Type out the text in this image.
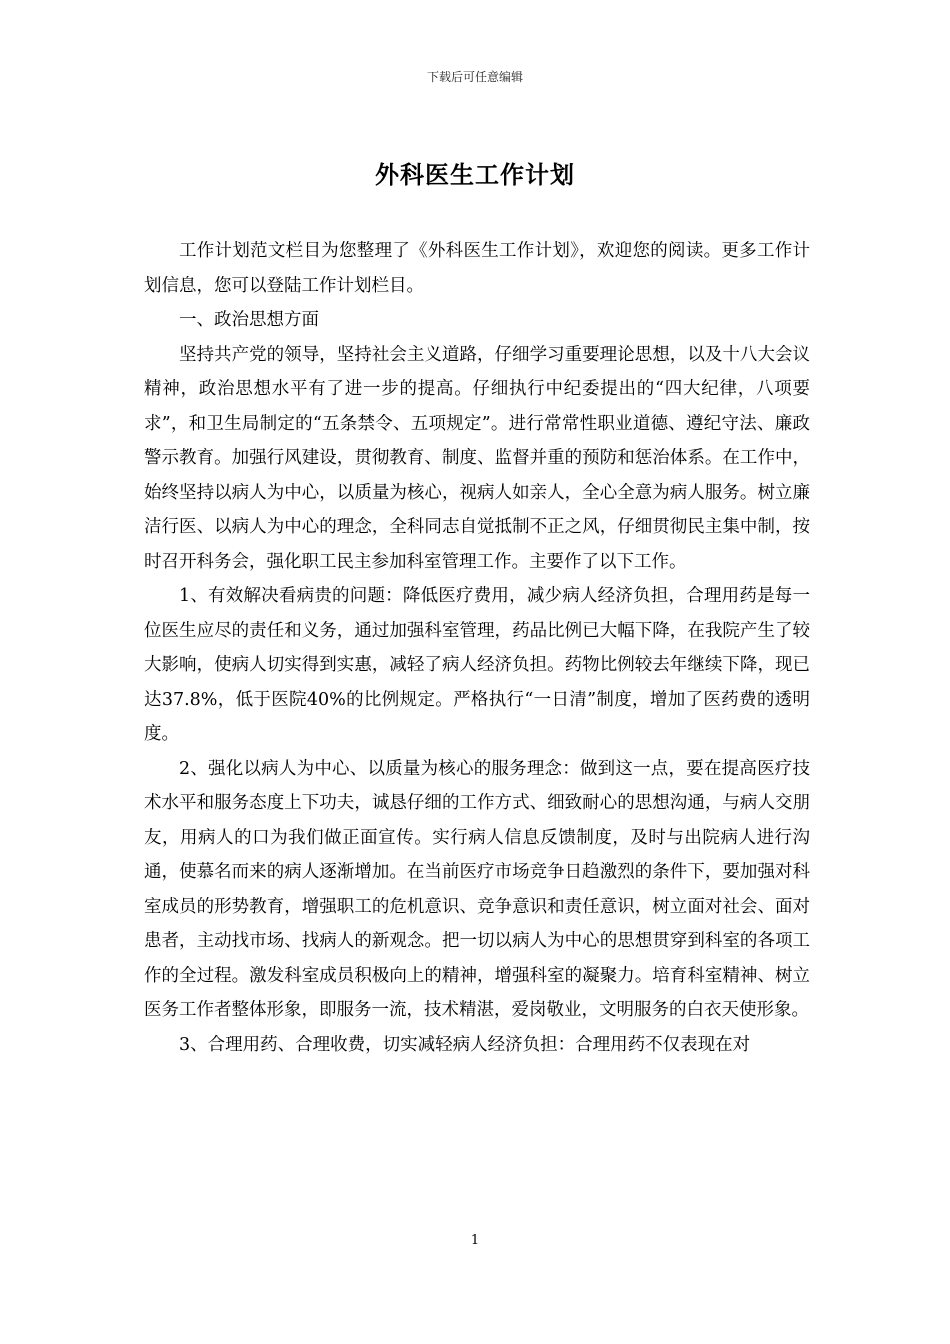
下载后可任意编辑
外科医生工作计划

工作计划范文栏目为您整理了《外科医生工作计划》，欢迎您的阅读。更多工作计划信息，您可以登陆工作计划栏目。

一、政治思想方面

坚持共产党的领导，坚持社会主义道路，仔细学习重要理论思想，以及十八大会议精神，政治思想水平有了进一步的提高。仔细执行中纪委提出的“四大纪律，八项要求”，和卫生局制定的“五条禁令、五项规定”。进行常常性职业道德、遵纪守法、廉政警示教育。加强行风建设，贯彻教育、制度、监督并重的预防和惩治体系。在工作中，始终坚持以病人为中心，以质量为核心，视病人如亲人，全心全意为病人服务。树立廉洁行医、以病人为中心的理念，全科同志自觉抵制不正之风，仔细贯彻民主集中制，按时召开科务会，强化职工民主参加科室管理工作。主要作了以下工作。

1、有效解决看病贵的问题：降低医疗费用，减少病人经济负担，合理用药是每一位医生应尽的责任和义务，通过加强科室管理，药品比例已大幅下降，在我院产生了较大影响，使病人切实得到实惠，减轻了病人经济负担。药物比例较去年继续下降，现已达37.8%，低于医院40%的比例规定。严格执行“一日清”制度，增加了医药费的透明度。

2、强化以病人为中心、以质量为核心的服务理念：做到这一点，要在提高医疗技术水平和服务态度上下功夫，诚恳仔细的工作方式、细致耐心的思想沟通，与病人交朋友，用病人的口为我们做正面宣传。实行病人信息反馈制度，及时与出院病人进行沟通，使慕名而来的病人逐渐增加。在当前医疗市场竞争日趋激烈的条件下，要加强对科室成员的形势教育，增强职工的危机意识、竞争意识和责任意识，树立面对社会、面对患者，主动找市场、找病人的新观念。把一切以病人为中心的思想贯穿到科室的各项工作的全过程。激发科室成员积极向上的精神，增强科室的凝聚力。培育科室精神、树立医务工作者整体形象，即服务一流，技术精湛，爱岗敬业，文明服务的白衣天使形象。

3、合理用药、合理收费，切实减轻病人经济负担：合理用药不仅表现在对

1
